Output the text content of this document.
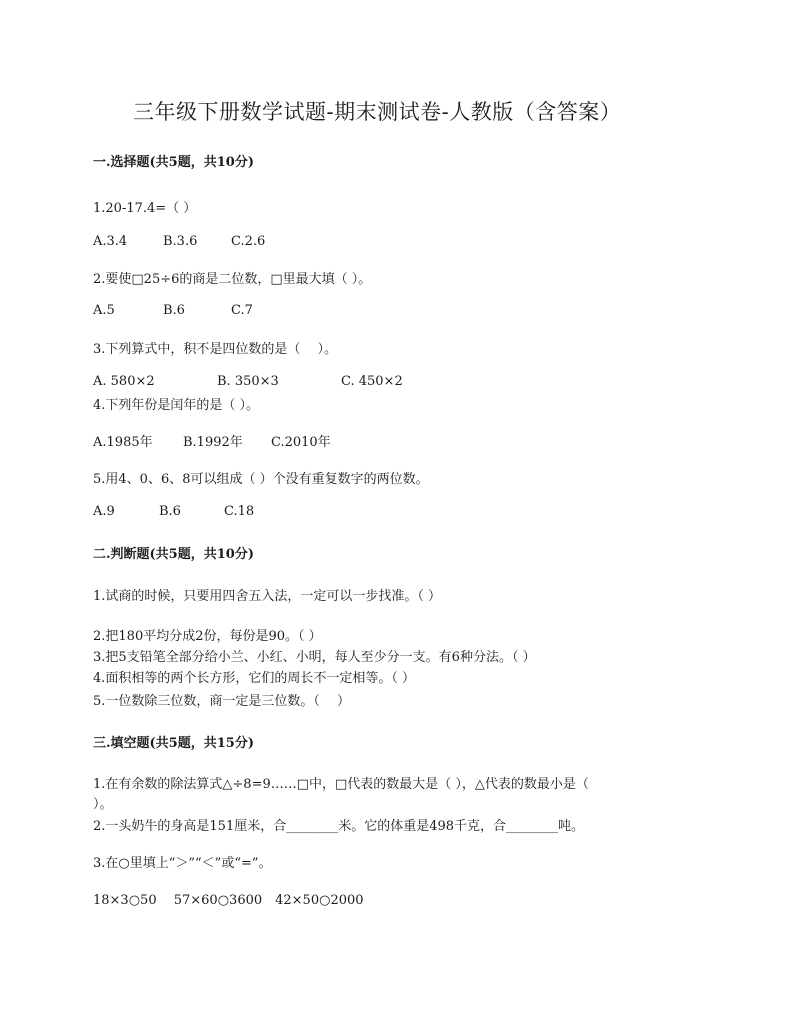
三年级下册数学试题-期末测试卷-人教版（含答案）
一.选择题(共5题，共10分)
1.20-17.4=（ ）
A.3.4	B.3.6	C.2.6
2.要使□25÷6的商是二位数，□里最大填（ ）。
A.5	B.6	C.7
3.下列算式中，积不是四位数的是（　 ）。
A. 580×2	B. 350×3	C. 450×2
4.下列年份是闰年的是（ ）。
A.1985年 B.1992年 C.2010年
5.用4、0、6、8可以组成（ ）个没有重复数字的两位数。
A.9	B.6	C.18
二.判断题(共5题，共10分)
1.试商的时候，只要用四舍五入法，一定可以一步找准。（ ）
2.把180平均分成2份，每份是90。（ ）
3.把5支铅笔全部分给小兰、小红、小明，每人至少分一支。有6种分法。（ ）
4.面积相等的两个长方形，它们的周长不一定相等。（ ）
5.一位数除三位数，商一定是三位数。（　 ）
三.填空题(共5题，共15分)
1.在有余数的除法算式△÷8=9……□中，□代表的数最大是（ ），△代表的数最小是（
）。
2.一头奶牛的身高是151厘米，合________米。它的体重是498千克，合________吨。
3.在○里填上“＞”“＜”或“=”。
18×3○50　 57×60○3600　42×50○2000
